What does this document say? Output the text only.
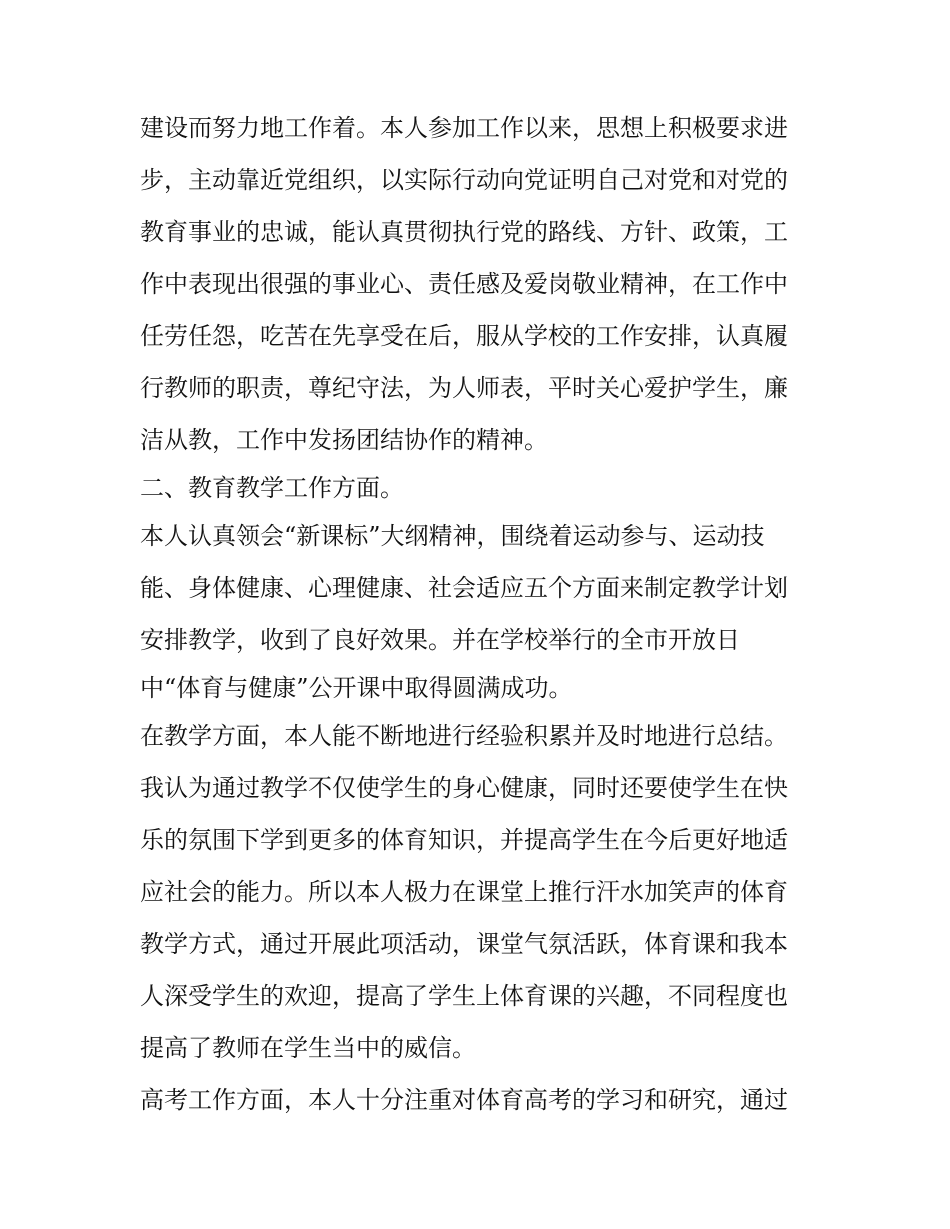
建设而努力地工作着。本人参加工作以来，思想上积极要求进
步，主动靠近党组织，以实际行动向党证明自己对党和对党的
教育事业的忠诚，能认真贯彻执行党的路线、方针、政策，工
作中表现出很强的事业心、责任感及爱岗敬业精神，在工作中
任劳任怨，吃苦在先享受在后，服从学校的工作安排，认真履
行教师的职责，尊纪守法，为人师表，平时关心爱护学生，廉
洁从教，工作中发扬团结协作的精神。
二、教育教学工作方面。
本人认真领会“新课标”大纲精神，围绕着运动参与、运动技
能、身体健康、心理健康、社会适应五个方面来制定教学计划
安排教学，收到了良好效果。并在学校举行的全市开放日
中“体育与健康”公开课中取得圆满成功。
在教学方面，本人能不断地进行经验积累并及时地进行总结。
我认为通过教学不仅使学生的身心健康，同时还要使学生在快
乐的氛围下学到更多的体育知识，并提高学生在今后更好地适
应社会的能力。所以本人极力在课堂上推行汗水加笑声的体育
教学方式，通过开展此项活动，课堂气氛活跃，体育课和我本
人深受学生的欢迎，提高了学生上体育课的兴趣，不同程度也
提高了教师在学生当中的威信。
高考工作方面，本人十分注重对体育高考的学习和研究，通过
